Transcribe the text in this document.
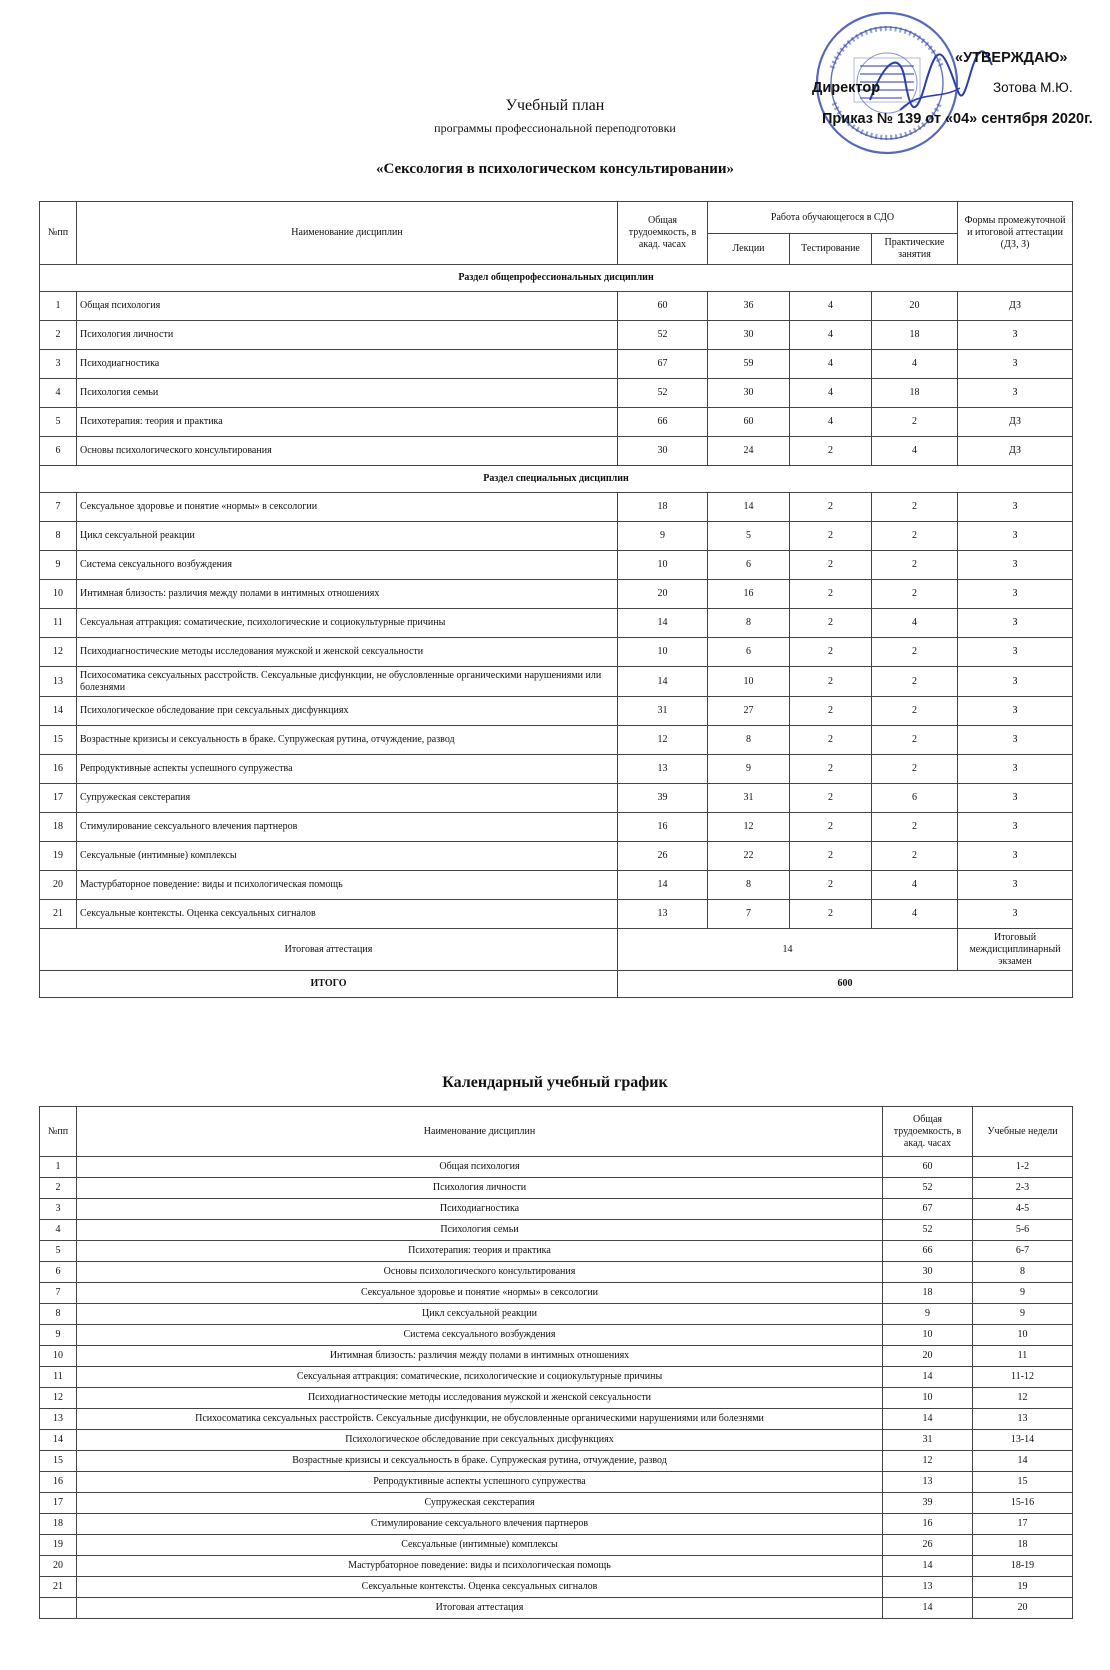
«УТВЕРЖДАЮ»
Директор	Зотова М.Ю.
Приказ № 139 от «04» сентября 2020г.
Учебный план
программы профессиональной переподготовки
«Сексология в психологическом консультировании»
№пп	Наименование дисциплин	Общая трудоемкость, в акад. часах	Работа обучающегося в СДО			Формы промежуточной и итоговой аттестации (ДЗ, З)
			Лекции	Тестирование	Практические занятия	
Раздел общепрофессиональных дисциплин						
1	Общая психология	60	36	4	20	ДЗ
2	Психология личности	52	30	4	18	З
3	Психодиагностика	67	59	4	4	З
4	Психология семьи	52	30	4	18	З
5	Психотерапия: теория и практика	66	60	4	2	ДЗ
6	Основы психологического консультирования	30	24	2	4	ДЗ
Раздел специальных дисциплин						
7	Сексуальное здоровье и понятие «нормы» в сексологии	18	14	2	2	З
8	Цикл сексуальной реакции	9	5	2	2	З
9	Система сексуального возбуждения	10	6	2	2	З
10	Интимная близость: различия между полами в интимных отношениях	20	16	2	2	З
11	Сексуальная аттракция: соматические, психологические и социокультурные причины	14	8	2	4	З
12	Психодиагностические методы исследования мужской и женской сексуальности	10	6	2	2	З
13	Психосоматика сексуальных расстройств. Сексуальные дисфункции, не обусловленные органическими нарушениями или болезнями	14	10	2	2	З
14	Психологическое обследование при сексуальных дисфункциях	31	27	2	2	З
15	Возрастные кризисы и сексуальность в браке. Супружеская рутина, отчуждение, развод	12	8	2	2	З
16	Репродуктивные аспекты успешного супружества	13	9	2	2	З
17	Супружеская секстерапия	39	31	2	6	З
18	Стимулирование сексуального влечения партнеров	16	12	2	2	З
19	Сексуальные (интимные) комплексы	26	22	2	2	З
20	Мастурбаторное поведение: виды и психологическая помощь	14	8	2	4	З
21	Сексуальные контексты. Оценка сексуальных сигналов	13	7	2	4	З
Итоговая аттестация		14				Итоговый междисциплинарный экзамен
ИТОГО		600				
Календарный учебный график
№пп	Наименование дисциплин	Общая трудоемкость, в акад. часах	Учебные недели
1	Общая психология	60	1-2
2	Психология личности	52	2-3
3	Психодиагностика	67	4-5
4	Психология семьи	52	5-6
5	Психотерапия: теория и практика	66	6-7
6	Основы психологического консультирования	30	8
7	Сексуальное здоровье и понятие «нормы» в сексологии	18	9
8	Цикл сексуальной реакции	9	9
9	Система сексуального возбуждения	10	10
10	Интимная близость: различия между полами в интимных отношениях	20	11
11	Сексуальная аттракция: соматические, психологические и социокультурные причины	14	11-12
12	Психодиагностические методы исследования мужской и женской сексуальности	10	12
13	Психосоматика сексуальных расстройств. Сексуальные дисфункции, не обусловленные органическими нарушениями или болезнями	14	13
14	Психологическое обследование при сексуальных дисфункциях	31	13-14
15	Возрастные кризисы и сексуальность в браке. Супружеская рутина, отчуждение, развод	12	14
16	Репродуктивные аспекты успешного супружества	13	15
17	Супружеская секстерапия	39	15-16
18	Стимулирование сексуального влечения партнеров	16	17
19	Сексуальные (интимные) комплексы	26	18
20	Мастурбаторное поведение: виды и психологическая помощь	14	18-19
21	Сексуальные контексты. Оценка сексуальных сигналов	13	19
	Итоговая аттестация	14	20
